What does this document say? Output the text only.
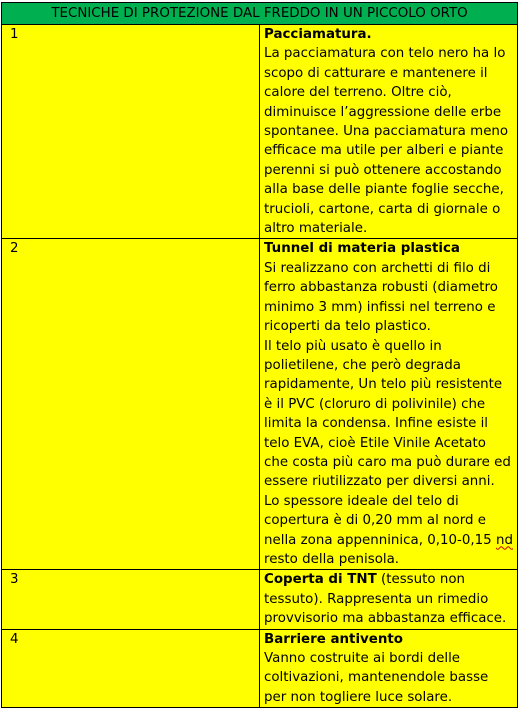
TECNICHE DI PROTEZIONE DAL FREDDO IN UN PICCOLO ORTO	
1	Pacciamatura.
La pacciamatura con telo nero ha lo scopo di catturare e mantenere il calore del terreno. Oltre ciò, diminuisce l’aggressione delle erbe spontanee. Una pacciamatura meno efficace ma utile per alberi e piante perenni si può ottenere accostando alla base delle piante foglie secche, trucioli, cartone, carta di giornale o altro materiale.

2	Tunnel di materia plastica
Si realizzano con archetti di filo di ferro abbastanza robusti (diametro minimo 3 mm) infissi nel terreno e ricoperti da telo plastico.
Il telo più usato è quello in polietilene, che però degrada rapidamente, Un telo più resistente è il PVC (cloruro di polivinile) che limita la condensa. Infine esiste il telo EVA, cioè Etile Vinile Acetato che costa più caro ma può durare ed essere riutilizzato per diversi anni.
Lo spessore ideale del telo di copertura è di 0,20 mm al nord e nella zona appenninica, 0,10-0,15 nd resto della penisola.

3	Coperta di TNT (tessuto non tessuto). Rappresenta un rimedio provvisorio ma abbastanza efficace.
4	Barriere antivento
Vanno costruite ai bordi delle coltivazioni, mantenendole basse per non togliere luce solare.
